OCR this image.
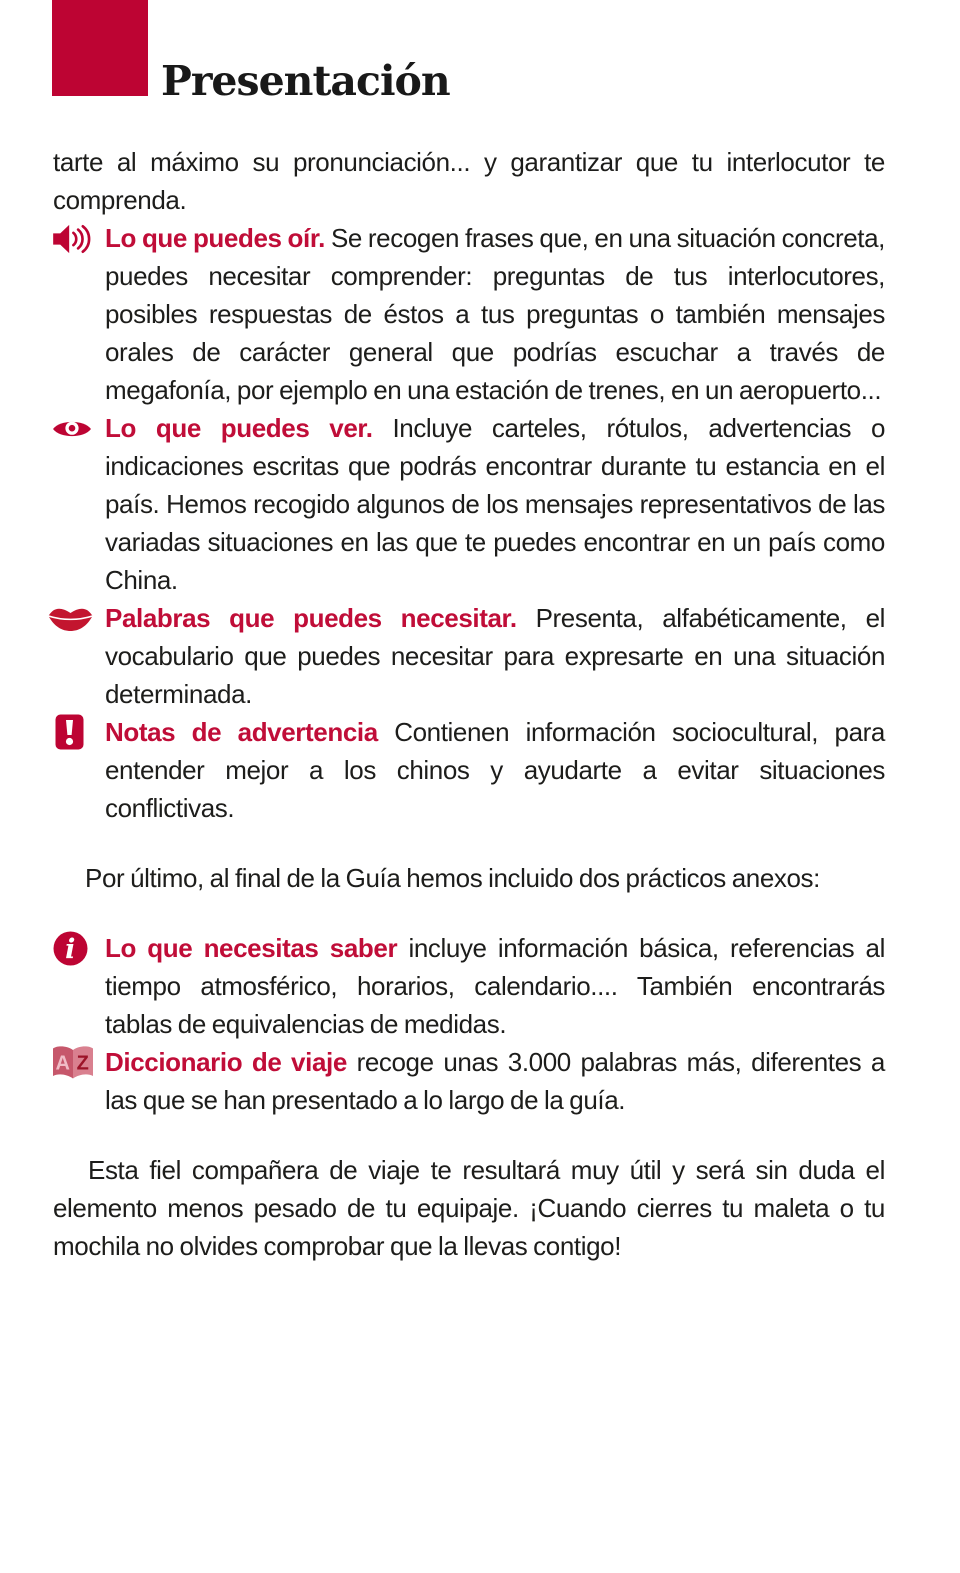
Presentación

tarte al máximo su pronunciación... y garantizar que tu interlocutor te comprenda.

Lo que puedes oír. Se recogen frases que, en una situación concreta, puedes necesitar comprender: preguntas de tus interlocutores, posibles respuestas de éstos a tus preguntas o también mensajes orales de carácter general que podrías escuchar a través de megafonía, por ejemplo en una estación de trenes, en un aeropuerto...

Lo que puedes ver. Incluye carteles, rótulos, advertencias o indicaciones escritas que podrás encontrar durante tu estancia en el país. Hemos recogido algunos de los mensajes representativos de las variadas situaciones en las que te puedes encontrar en un país como China.

Palabras que puedes necesitar. Presenta, alfabéticamente, el vocabulario que puedes necesitar para expresarte en una situación determinada.

Notas de advertencia Contienen información sociocultural, para entender mejor a los chinos y ayudarte a evitar situaciones conflictivas.

Por último, al final de la Guía hemos incluido dos prácticos anexos:

i Lo que necesitas saber incluye información básica, referencias al tiempo atmosférico, horarios, calendario.... También encontrarás tablas de equivalencias de medidas.

A Z Diccionario de viaje recoge unas 3.000 palabras más, diferentes a las que se han presentado a lo largo de la guía.

Esta fiel compañera de viaje te resultará muy útil y será sin duda el elemento menos pesado de tu equipaje. ¡Cuando cierres tu maleta o tu mochila no olvides comprobar que la llevas contigo!
